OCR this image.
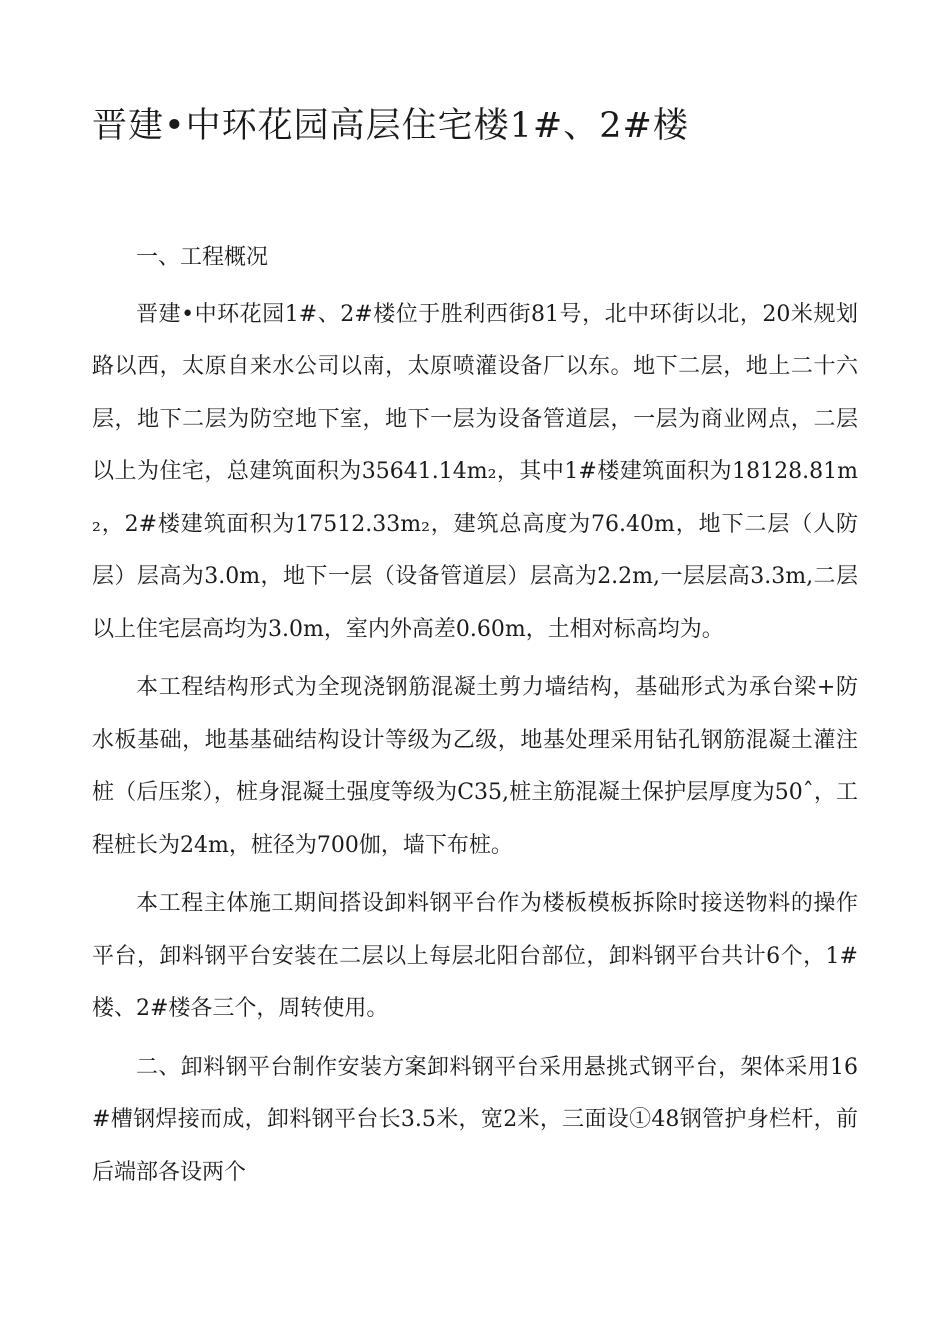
晋建•中环花园高层住宅楼1#、2#楼

一、工程概况

晋建•中环花园1#、2#楼位于胜利西街81号，北中环街以北，20米规划路以西，太原自来水公司以南，太原喷灌设备厂以东。地下二层，地上二十六层，地下二层为防空地下室，地下一层为设备管道层，一层为商业网点，二层以上为住宅，总建筑面积为35641.14m₂，其中1#楼建筑面积为18128.81m₂，2#楼建筑面积为17512.33m₂，建筑总高度为76.40m，地下二层（人防层）层高为3.0m，地下一层（设备管道层）层高为2.2m,一层层高3.3m,二层以上住宅层高均为3.0m，室内外高差0.60m，土相对标高均为。

本工程结构形式为全现浇钢筋混凝土剪力墙结构，基础形式为承台梁+防水板基础，地基基础结构设计等级为乙级，地基处理采用钻孔钢筋混凝土灌注桩（后压浆），桩身混凝土强度等级为C35,桩主筋混凝土保护层厚度为50ˆ，工程桩长为24m，桩径为700伽，墙下布桩。

本工程主体施工期间搭设卸料钢平台作为楼板模板拆除时接送物料的操作平台，卸料钢平台安装在二层以上每层北阳台部位，卸料钢平台共计6个，1#楼、2#楼各三个，周转使用。

二、卸料钢平台制作安装方案卸料钢平台采用悬挑式钢平台，架体采用16#槽钢焊接而成，卸料钢平台长3.5米，宽2米，三面设①48钢管护身栏杆，前后端部各设两个
